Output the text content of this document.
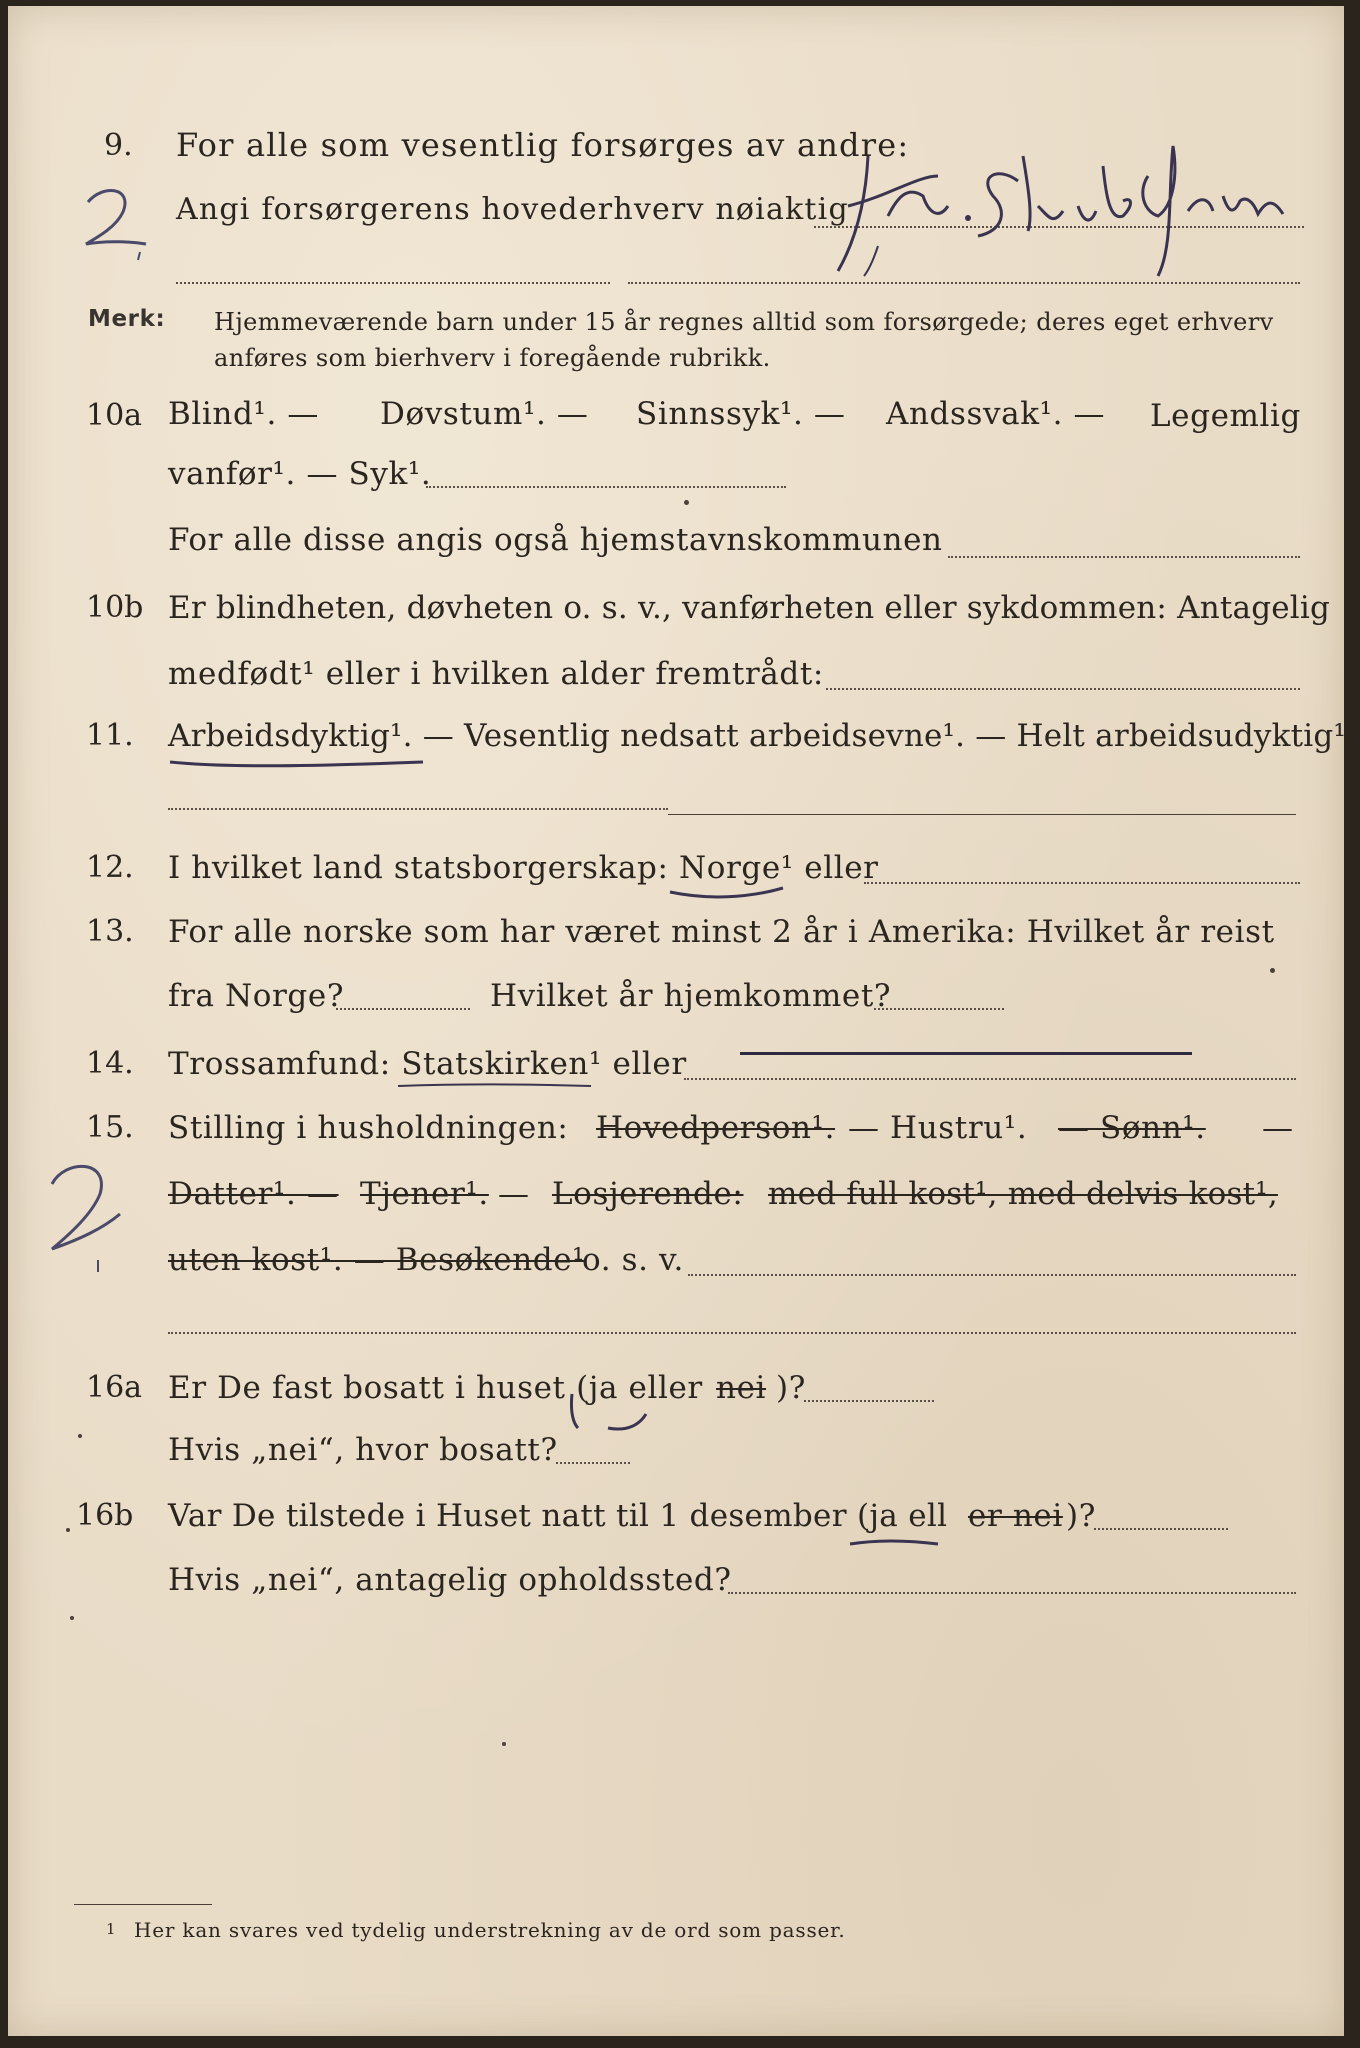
9. For alle som vesentlig forsørges av andre:
Angi forsørgerens hovederhverv nøiaktig
Merk: Hjemmeværende barn under 15 år regnes alltid som forsørgede; deres eget erhverv
anføres som bierhverv i foregående rubrikk.
10a Blind¹. — Døvstum¹. — Sinnssyk¹. — Andssvak¹. — Legemlig
vanfør¹. — Syk¹.
For alle disse angis også hjemstavnskommunen
10b Er blindheten, døvheten o. s. v., vanførheten eller sykdommen: Antagelig
medfødt¹ eller i hvilken alder fremtrådt:
11. Arbeidsdyktig¹. — Vesentlig nedsatt arbeidsevne¹. — Helt arbeidsudyktig¹.
12. I hvilket land statsborgerskap: Norge¹ eller
13. For alle norske som har været minst 2 år i Amerika: Hvilket år reist
fra Norge?	Hvilket år hjemkommet?
14. Trossamfund: Statskirken¹ eller
15. Stilling i husholdningen: Hovedperson¹. — Hustru¹. — Sønn¹. —
Datter¹. — Tjener¹. — Losjerende: med full kost¹, med delvis kost¹,
uten kost¹. — Besøkende¹
o. s. v.
16a Er De fast bosatt i huset (ja eller nei )?
Hvis „nei“, hvor bosatt?
16b Var De tilstede i Huset natt til 1 desember (ja ell er nei )?
Hvis „nei“, antagelig opholdssted?
1 Her kan svares ved tydelig understrekning av de ord som passer.
